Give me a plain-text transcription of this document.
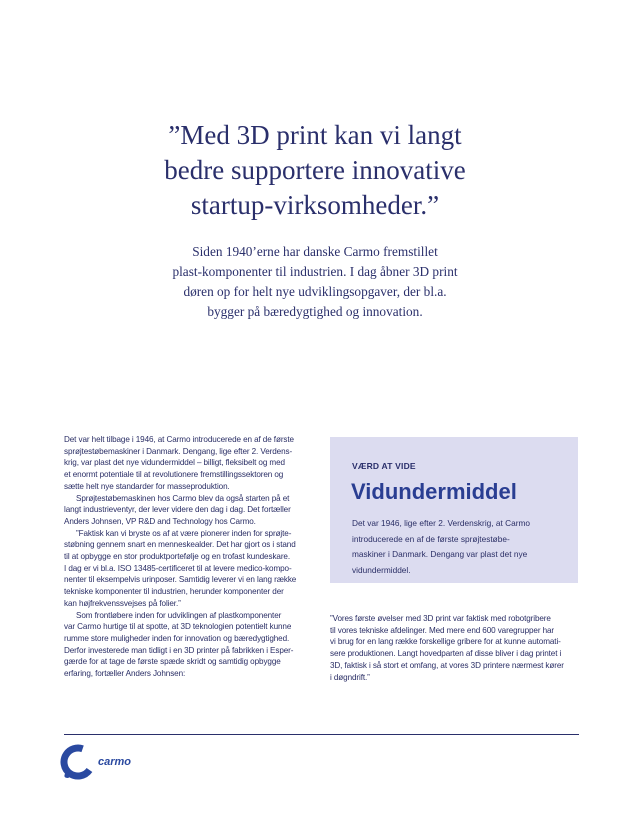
”Med 3D print kan vi langt
bedre supportere innovative
startup-virksomheder.”
Siden 1940’erne har danske Carmo fremstillet
plast-komponenter til industrien. I dag åbner 3D print
døren op for helt nye udviklingsopgaver, der bl.a.
bygger på bæredygtighed og innovation.
Det var helt tilbage i 1946, at Carmo introducerede en af de første
sprøjtestøbemaskiner i Danmark. Dengang, lige efter 2. Verdens-
krig, var plast det nye vidundermiddel – billigt, fleksibelt og med
et enormt potentiale til at revolutionere fremstillingssektoren og
sætte helt nye standarder for masseproduktion.
Sprøjtestøbemaskinen hos Carmo blev da også starten på et
langt industrieventyr, der lever videre den dag i dag. Det fortæller
Anders Johnsen, VP R&D and Technology hos Carmo.
”Faktisk kan vi bryste os af at være pionerer inden for sprøjte-
støbning gennem snart en menneskealder. Det har gjort os i stand
til at opbygge en stor produktportefølje og en trofast kundeskare.
I dag er vi bl.a. ISO 13485-certificeret til at levere medico-kompo-
nenter til eksempelvis urinposer. Samtidig leverer vi en lang række
tekniske komponenter til industrien, herunder komponenter der
kan højfrekvenssvejses på folier.”
Som frontløbere inden for udviklingen af plastkomponenter
var Carmo hurtige til at spotte, at 3D teknologien potentielt kunne
rumme store muligheder inden for innovation og bæredygtighed.
Derfor investerede man tidligt i en 3D printer på fabrikken i Esper-
gærde for at tage de første spæde skridt og samtidig opbygge
erfaring, fortæller Anders Johnsen:
VÆRD AT VIDE
Vidundermiddel
Det var 1946, lige efter 2. Verdenskrig, at Carmo
introducerede en af de første sprøjtestøbe-
maskiner i Danmark. Dengang var plast det nye
vidundermiddel.
”Vores første øvelser med 3D print var faktisk med robotgribere
til vores tekniske afdelinger. Med mere end 600 varegrupper har
vi brug for en lang række forskellige gribere for at kunne automati-
sere produktionen. Langt hovedparten af disse bliver i dag printet i
3D, faktisk i så stort et omfang, at vores 3D printere nærmest kører
i døgndrift.”
carmo
